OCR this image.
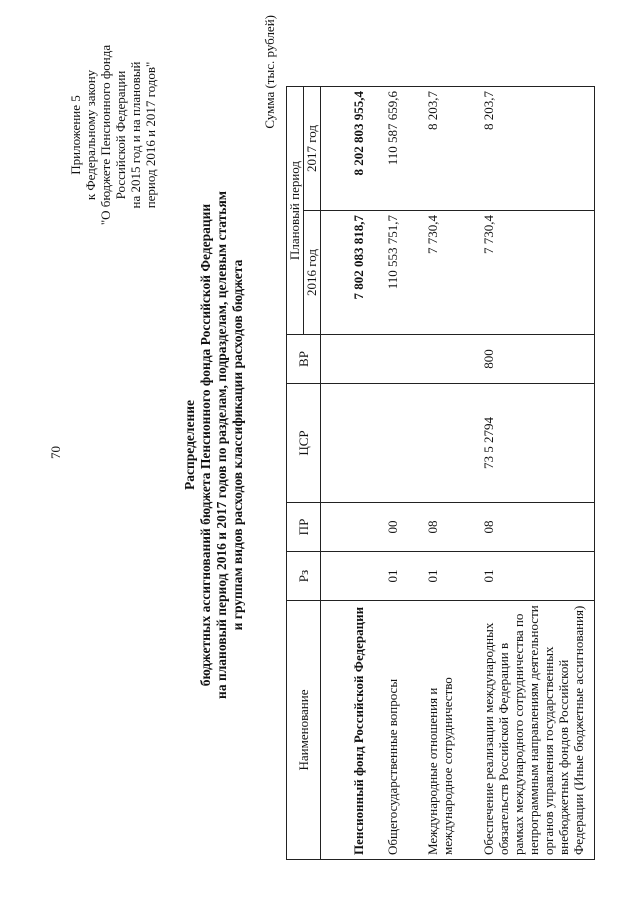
70
Приложение 5 к Федеральному закону "О бюджете Пенсионного фонда Российской Федерации на 2015 год и на плановый период 2016 и 2017 годов"
Распределение бюджетных ассигнований бюджета Пенсионного фонда Российской Федерации на плановый период 2016 и 2017 годов по разделам, подразделам, целевым статьям и группам видов расходов классификации расходов бюджета
Сумма (тыс. рублей)
Наименование	Рз	ПР	ЦСР	ВР	Плановый период	
					2016 год	2017 год
Пенсионный фонд Российской Федерации					7 802 083 818,7	8 202 803 955,4
Общегосударственные вопросы	01	00			110 553 751,7	110 587 659,6
Международные отношения и международное сотрудничество	01	08			7 730,4	8 203,7
Обеспечение реализации международных обязательств Российской Федерации в рамках международного сотрудничества по непрограммным направлениям деятельности органов управления государственных внебюджетных фондов Российской Федерации (Иные бюджетные ассигнования)	01	08	73 5 2794	800	7 730,4	8 203,7
